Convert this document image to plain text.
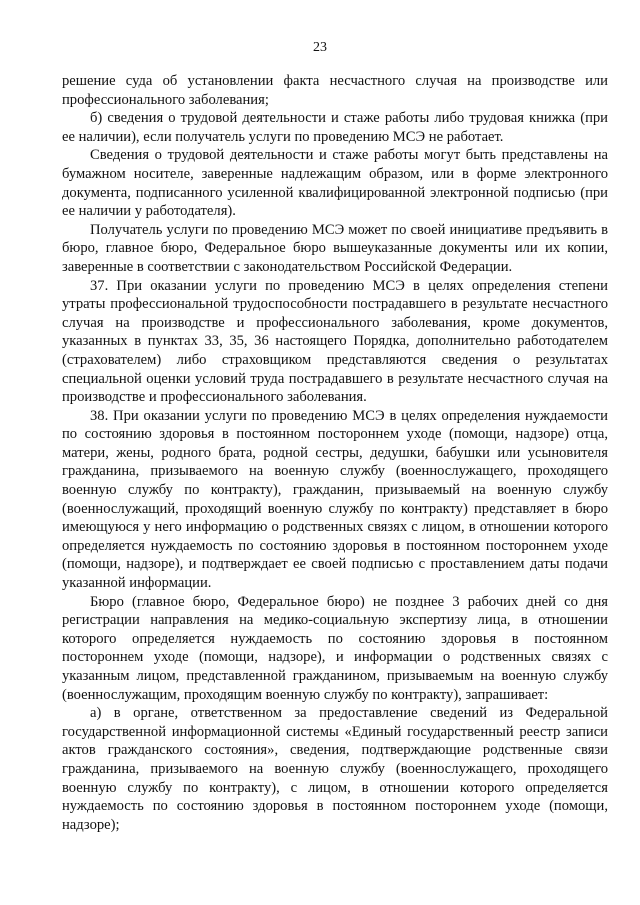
23

решение суда об установлении факта несчастного случая на производстве или профессионального заболевания;

б) сведения о трудовой деятельности и стаже работы либо трудовая книжка (при ее наличии), если получатель услуги по проведению МСЭ не работает.

Сведения о трудовой деятельности и стаже работы могут быть представлены на бумажном носителе, заверенные надлежащим образом, или в форме электронного документа, подписанного усиленной квалифицированной электронной подписью (при ее наличии у работодателя).

Получатель услуги по проведению МСЭ может по своей инициативе предъявить в бюро, главное бюро, Федеральное бюро вышеуказанные документы или их копии, заверенные в соответствии с законодательством Российской Федерации.

37. При оказании услуги по проведению МСЭ в целях определения степени утраты профессиональной трудоспособности пострадавшего в результате несчастного случая на производстве и профессионального заболевания, кроме документов, указанных в пунктах 33, 35, 36 настоящего Порядка, дополнительно работодателем (страхователем) либо страховщиком представляются сведения о результатах специальной оценки условий труда пострадавшего в результате несчастного случая на производстве и профессионального заболевания.

38. При оказании услуги по проведению МСЭ в целях определения нуждаемости по состоянию здоровья в постоянном постороннем уходе (помощи, надзоре) отца, матери, жены, родного брата, родной сестры, дедушки, бабушки или усыновителя гражданина, призываемого на военную службу (военнослужащего, проходящего военную службу по контракту), гражданин, призываемый на военную службу (военнослужащий, проходящий военную службу по контракту) представляет в бюро имеющуюся у него информацию о родственных связях с лицом, в отношении которого определяется нуждаемость по состоянию здоровья в постоянном постороннем уходе (помощи, надзоре), и подтверждает ее своей подписью с проставлением даты подачи указанной информации.

Бюро (главное бюро, Федеральное бюро) не позднее 3 рабочих дней со дня регистрации направления на медико-социальную экспертизу лица, в отношении которого определяется нуждаемость по состоянию здоровья в постоянном постороннем уходе (помощи, надзоре), и информации о родственных связях с указанным лицом, представленной гражданином, призываемым на военную службу (военнослужащим, проходящим военную службу по контракту), запрашивает:

а) в органе, ответственном за предоставление сведений из Федеральной государственной информационной системы «Единый государственный реестр записи актов гражданского состояния», сведения, подтверждающие родственные связи гражданина, призываемого на военную службу (военнослужащего, проходящего военную службу по контракту), с лицом, в отношении которого определяется нуждаемость по состоянию здоровья в постоянном постороннем уходе (помощи, надзоре);
